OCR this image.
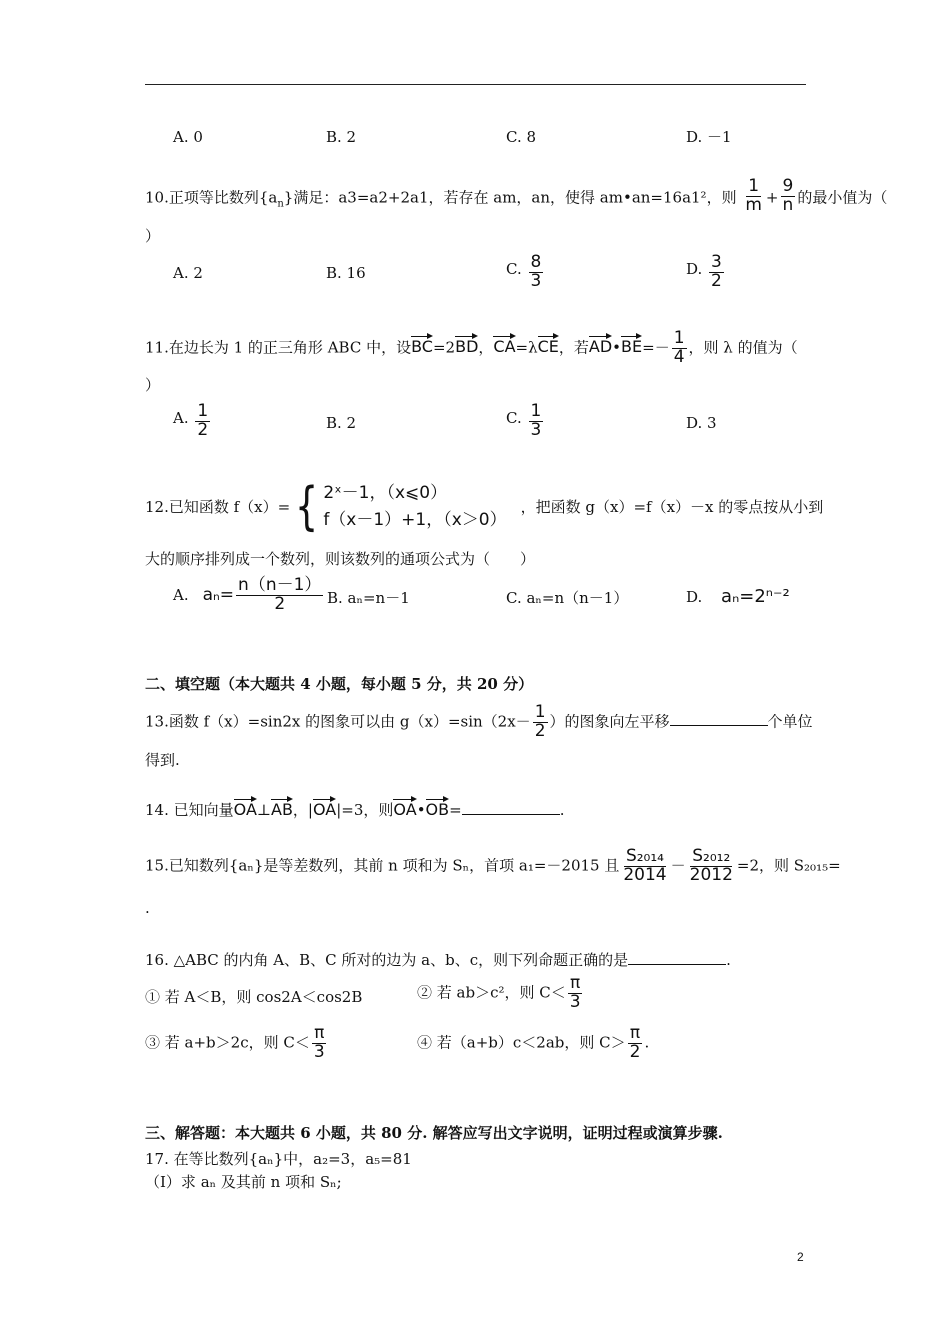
A. 0	B. 2	C. 8	D. －1
10.正项等比数列$\{a_n\}$满足：a3=a2+2a1，若存在 am，an，使得 am•an=16a1²，则 $\frac{1}{m} + \frac{9}{n}$ 的最小值为（
）
A. 2	B. 16	C. $\frac{8}{3}$	D. $\frac{3}{2}$
11.在边长为 1 的正三角形 ABC 中，设BC=2BD，CA=λCE，若AD•BE=－ $\frac{1}{4}$ ，则 λ 的值为（
）
A. $\frac{1}{2}$	B. 2	C. $\frac{1}{3}$	D. 3
12.已知函数 f（x）= { 2ˣ－1，（x⩽0）
f（x－1）+1，（x＞0）
，把函数 g（x）=f（x）－x 的零点按从小到
大的顺序排列成一个数列，则该数列的通项公式为（　　）
A. $a_n= \frac{n(n-1)}{2} B$. aₙ=n－1	C. aₙ=n（n－1）	D. aₙ=2ⁿ⁻²
二、填空题（本大题共 4 小题，每小题 5 分，共 20 分）
13.函数 f（x）=sin2x 的图象可以由 $g(x)=\sin(2x- \frac{1}{2}$ ）的图象向左平移	个单位
得到.
14. 已知向量OA⊥AB，|OA|=3，则OA•OB=	.
15.已知数列{aₙ}是等差数列，其前 n 项和为 Sₙ，首项 a₁=－2015 且 $\frac{\text{S₂₀₁₄}}{2014} - \frac{\text{S₂₀₁₂}}{2012} =2$，则 S₂₀₁₅=
.
16. △ABC 的内角 A、B、C 所对的边为 a、b、c，则下列命题正确的是	.
① 若 A＜B，则 cos2A＜cos2B	② 若 ab＞c²，则 $C< \frac{\pi}{3}$
③ 若 a+b＞2c，则 $C< \frac{\pi}{3}$	④ 若（a+b）c＜2ab，则 $C> \frac{\pi}{2}$ .
三、解答题：本大题共 6 小题，共 80 分. 解答应写出文字说明，证明过程或演算步骤.
17. 在等比数列{aₙ}中，a₂=3，a₅=81
（Ⅰ）求 aₙ 及其前 n 项和 Sₙ;
2
